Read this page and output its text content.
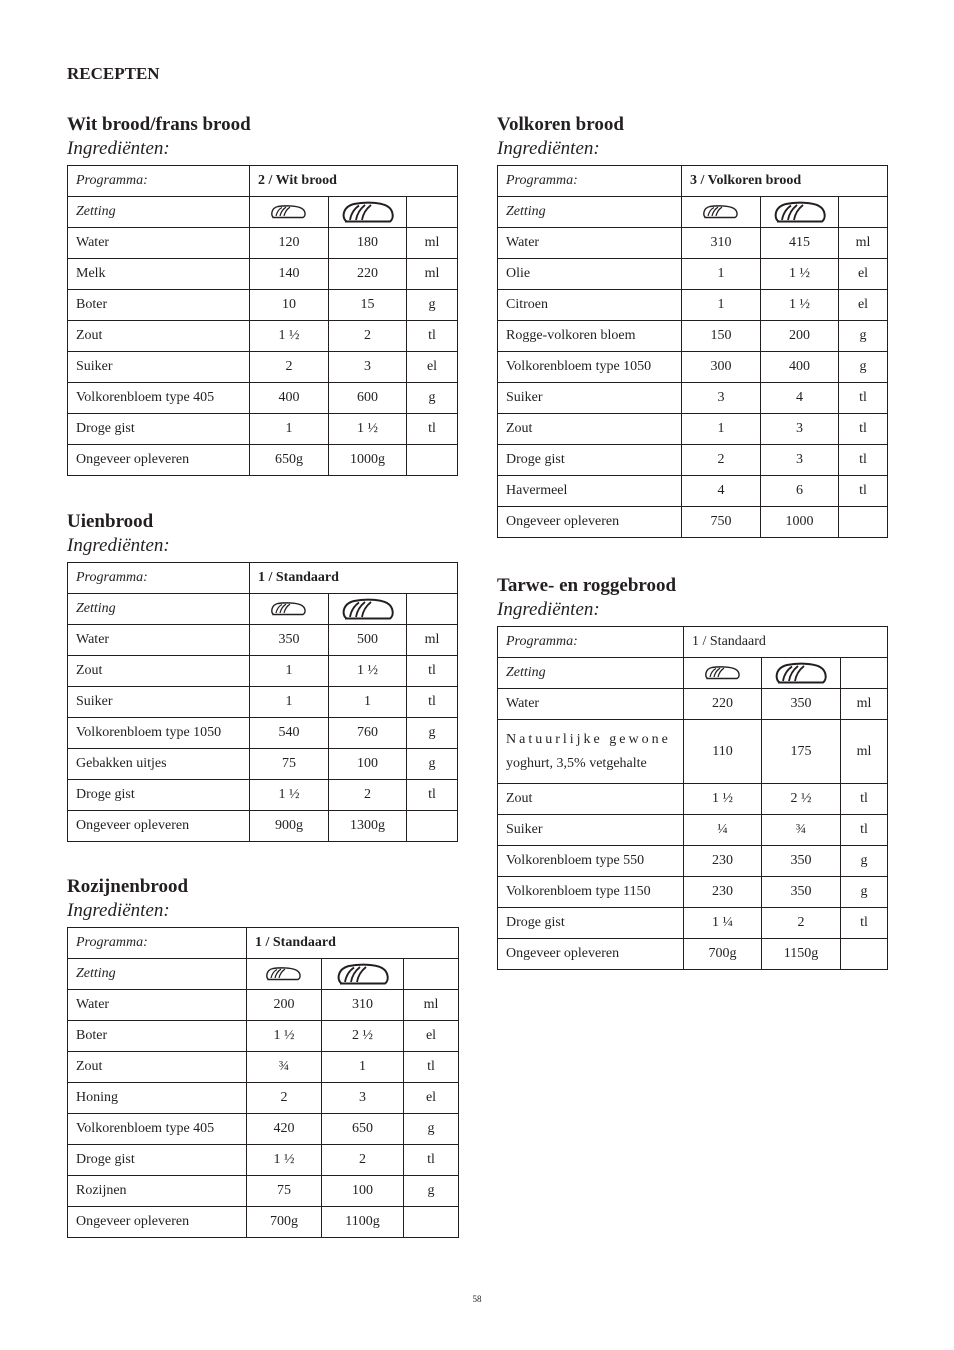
RECEPTEN
Wit brood/frans brood
Ingrediënten:
Programma:	2 / Wit brood		
Zetting			
Water	120	180	ml
Melk	140	220	ml
Boter	10	15	g
Zout	1 ½	2	tl
Suiker	2	3	el
Volkorenbloem type 405	400	600	g
Droge gist	1	1 ½	tl
Ongeveer opleveren	650g	1000g	
Uienbrood
Ingrediënten:
Programma:	1 / Standaard		
Zetting			
Water	350	500	ml
Zout	1	1 ½	tl
Suiker	1	1	tl
Volkorenbloem type 1050	540	760	g
Gebakken uitjes	75	100	g
Droge gist	1 ½	2	tl
Ongeveer opleveren	900g	1300g	
Rozijnenbrood
Ingrediënten:
Programma:	1 / Standaard		
Zetting			
Water	200	310	ml
Boter	1 ½	2 ½	el
Zout	¾	1	tl
Honing	2	3	el
Volkorenbloem type 405	420	650	g
Droge gist	1 ½	2	tl
Rozijnen	75	100	g
Ongeveer opleveren	700g	1100g	
Volkoren brood
Ingrediënten:
Programma:	3 / Volkoren brood		
Zetting			
Water	310	415	ml
Olie	1	1 ½	el
Citroen	1	1 ½	el
Rogge-volkoren bloem	150	200	g
Volkorenbloem type 1050	300	400	g
Suiker	3	4	tl
Zout	1	3	tl
Droge gist	2	3	tl
Havermeel	4	6	tl
Ongeveer opleveren	750	1000	
Tarwe- en roggebrood
Ingrediënten:
Programma:	1 / Standaard		
Zetting			
Water	220	350	ml
Natuurlijke gewone
yoghurt, 3,5% vetgehalte	110	175	ml
Zout	1 ½	2 ½	tl
Suiker	¼	¾	tl
Volkorenbloem type 550	230	350	g
Volkorenbloem type 1150	230	350	g
Droge gist	1 ¼	2	tl
Ongeveer opleveren	700g	1150g	
58
